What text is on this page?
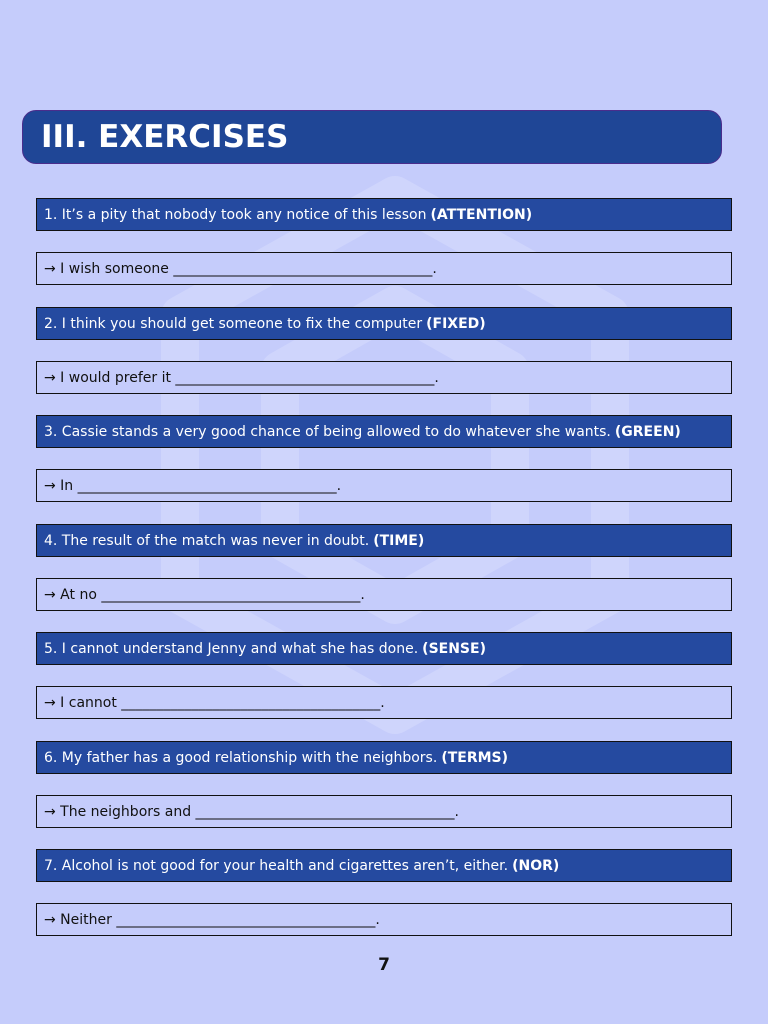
III. EXERCISES
1. It’s a pity that nobody took any notice of this lesson (ATTENTION)
→ I wish someone _____________________________________.
2. I think you should get someone to fix the computer (FIXED)
→ I would prefer it _____________________________________.
3. Cassie stands a very good chance of being allowed to do whatever she wants. (GREEN)
→ In _____________________________________.
4. The result of the match was never in doubt. (TIME)
→ At no _____________________________________.
5. I cannot understand Jenny and what she has done. (SENSE)
→ I cannot _____________________________________.
6. My father has a good relationship with the neighbors. (TERMS)
→ The neighbors and _____________________________________.
7. Alcohol is not good for your health and cigarettes aren’t, either. (NOR)
→ Neither _____________________________________.
7
